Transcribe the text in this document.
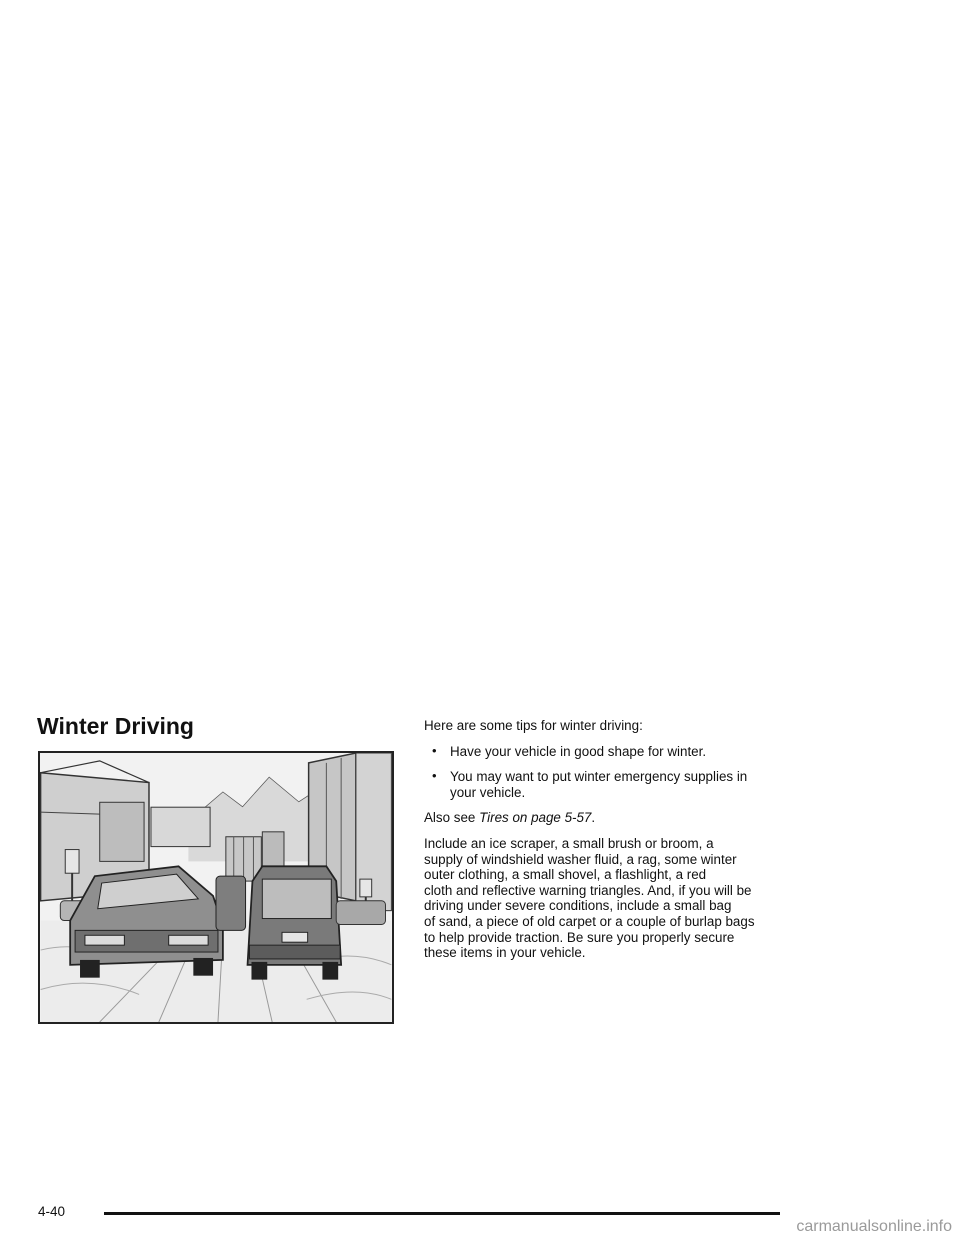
Winter Driving	Here are some tips for winter driving:

• Have your vehicle in good shape for winter.
• You may want to put winter emergency supplies in
your vehicle.

Also see Tires on page 5-57.

Include an ice scraper, a small brush or broom, a
supply of windshield washer fluid, a rag, some winter
outer clothing, a small shovel, a flashlight, a red
cloth and reflective warning triangles. And, if you will be
driving under severe conditions, include a small bag
of sand, a piece of old carpet or a couple of burlap bags
to help provide traction. Be sure you properly secure
these items in your vehicle.

4-40
carmanualsonline.info
